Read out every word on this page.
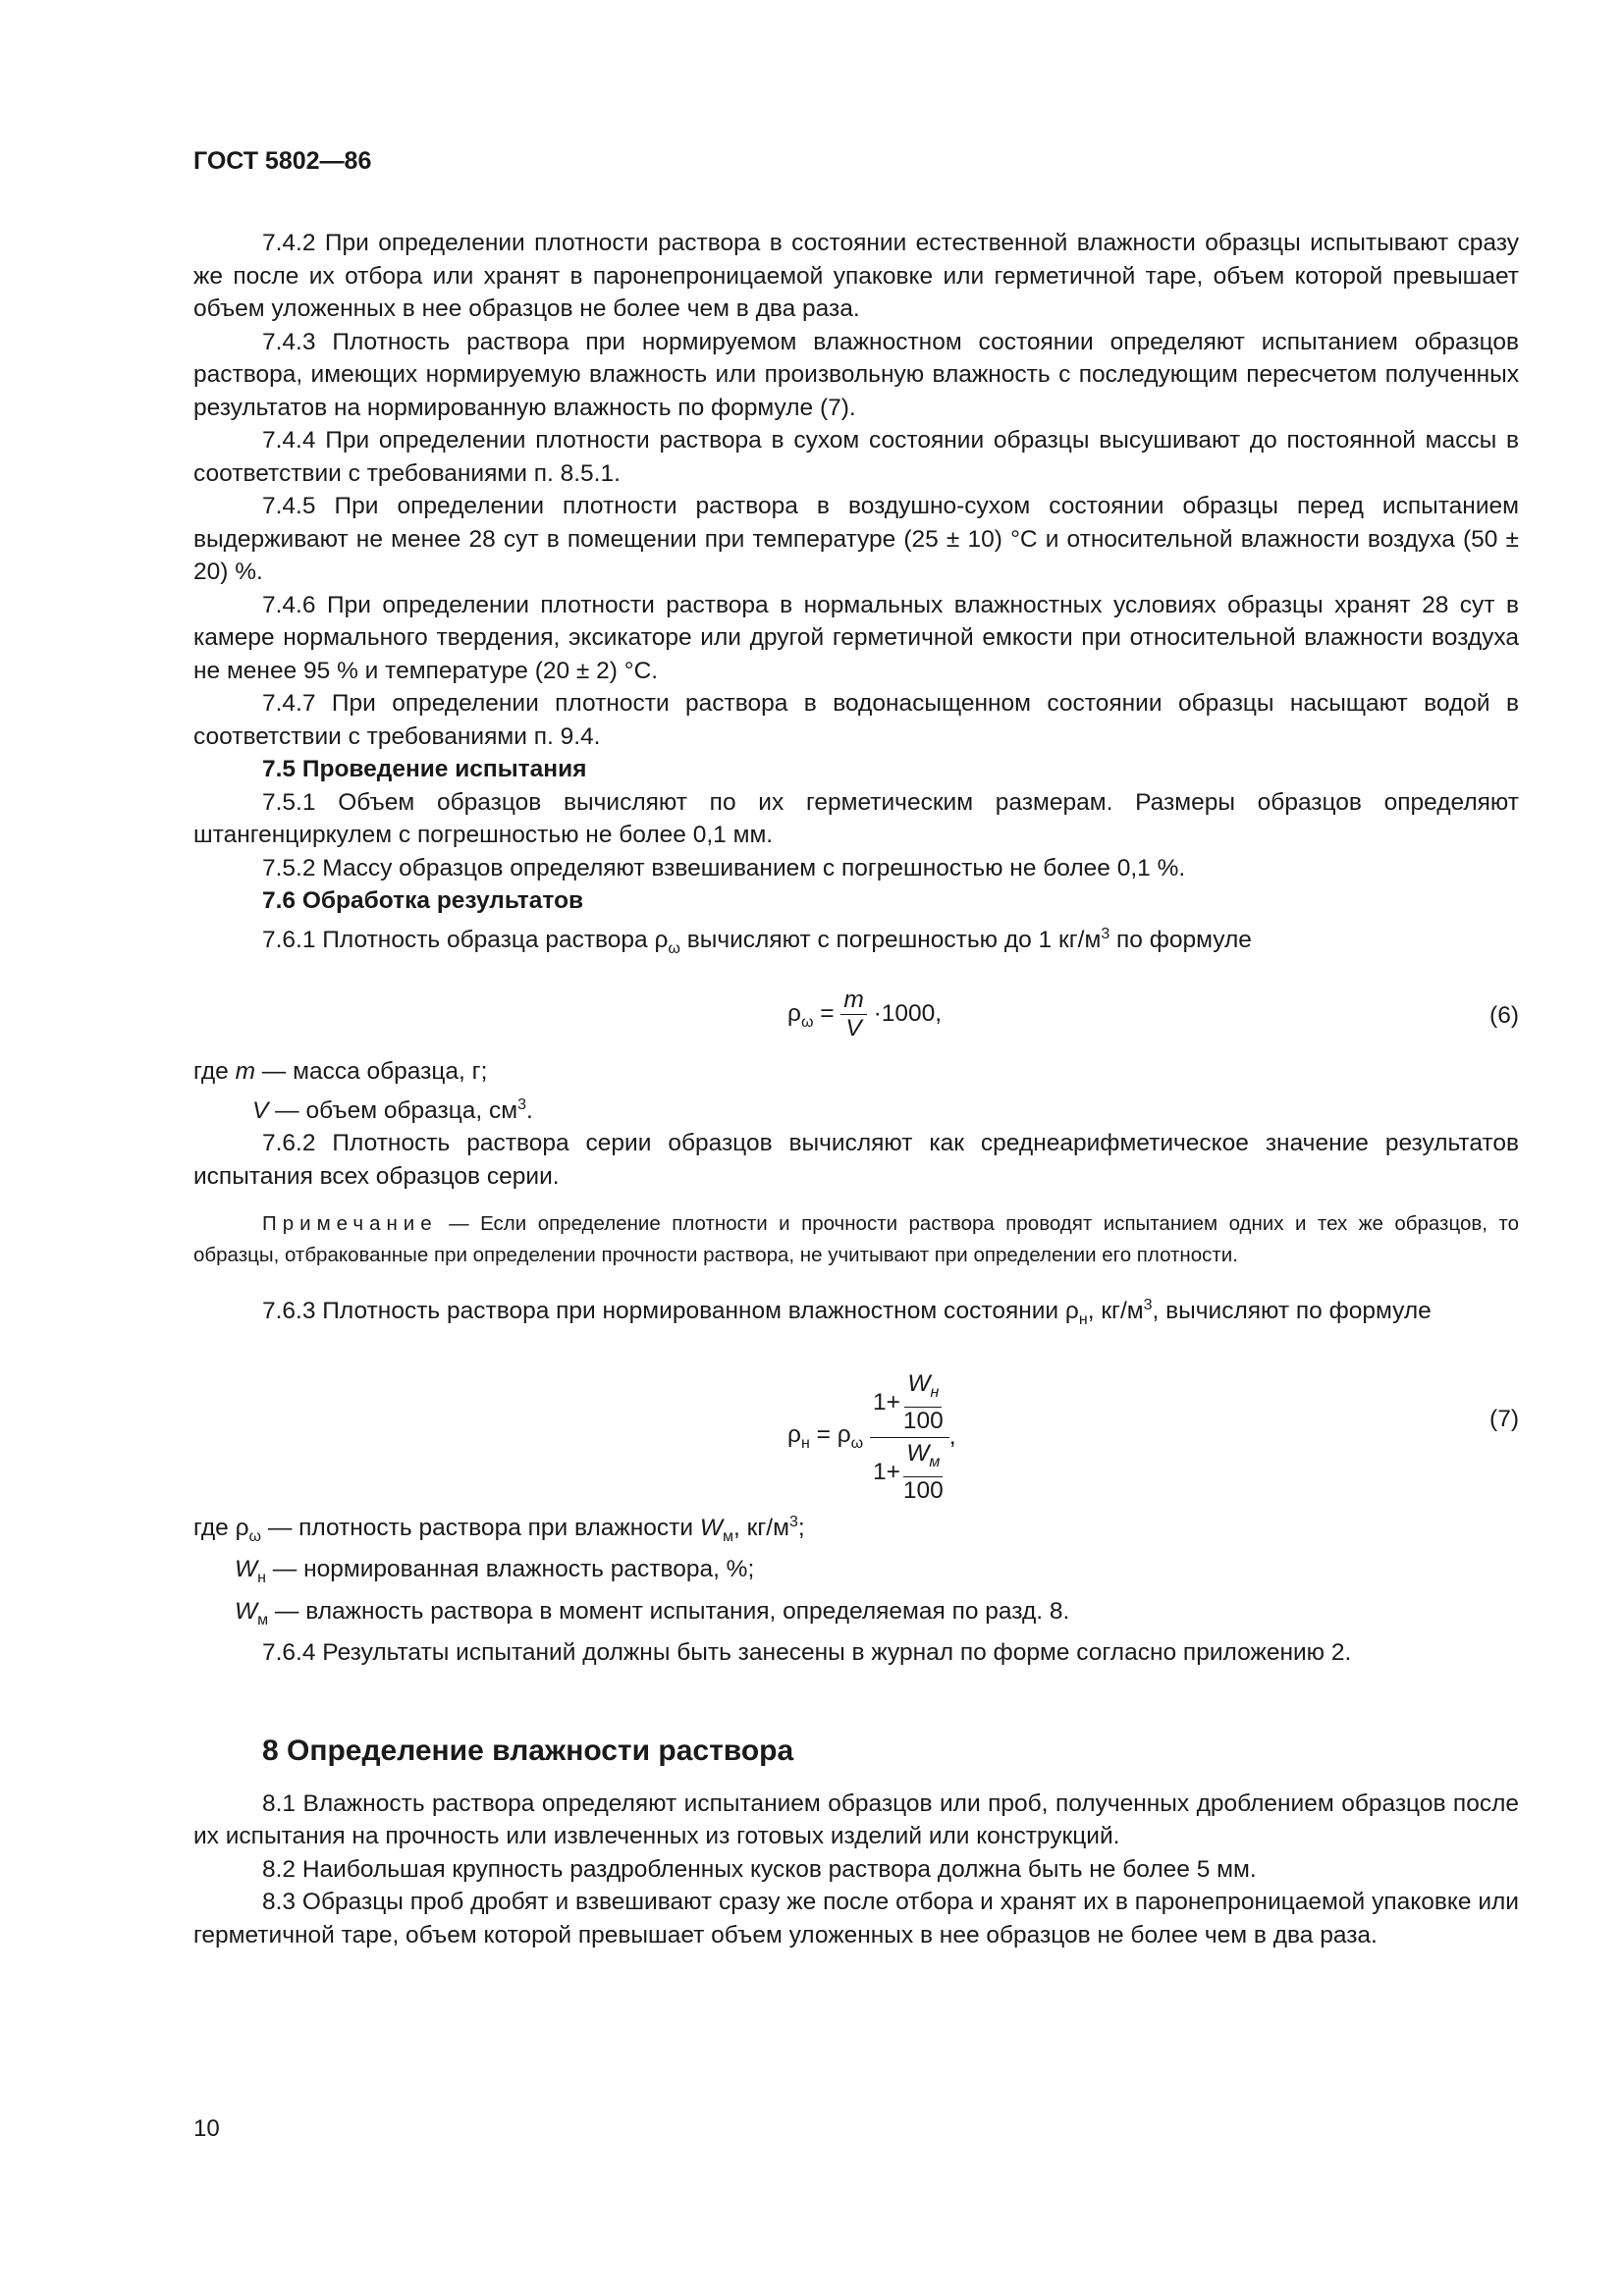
ГОСТ 5802—86

7.4.2 При определении плотности раствора в состоянии естественной влажности образцы испытывают сразу же после их отбора или хранят в паронепроницаемой упаковке или герметичной таре, объем которой превышает объем уложенных в нее образцов не более чем в два раза.

7.4.3 Плотность раствора при нормируемом влажностном состоянии определяют испытанием образцов раствора, имеющих нормируемую влажность или произвольную влажность с последующим пересчетом полученных результатов на нормированную влажность по формуле (7).

7.4.4 При определении плотности раствора в сухом состоянии образцы высушивают до постоянной массы в соответствии с требованиями п. 8.5.1.

7.4.5 При определении плотности раствора в воздушно-сухом состоянии образцы перед испытанием выдерживают не менее 28 сут в помещении при температуре (25 ± 10) °С и относительной влажности воздуха (50 ± 20) %.

7.4.6 При определении плотности раствора в нормальных влажностных условиях образцы хранят 28 сут в камере нормального твердения, эксикаторе или другой герметичной емкости при относительной влажности воздуха не менее 95 % и температуре (20 ± 2) °С.

7.4.7 При определении плотности раствора в водонасыщенном состоянии образцы насыщают водой в соответствии с требованиями п. 9.4.

7.5 Проведение испытания

7.5.1 Объем образцов вычисляют по их герметическим размерам. Размеры образцов определяют штангенциркулем с погрешностью не более 0,1 мм.

7.5.2 Массу образцов определяют взвешиванием с погрешностью не более 0,1 %.

7.6 Обработка результатов

7.6.1 Плотность образца раствора $\rho_\omega$ вычисляют с погрешностью до 1 $кг/м^3$ по формуле

$\rho_\omega = \frac{m}{V} \cdot 1000$,	(6)

где m — масса образца, г;

V — объем образца, $см^3$.

7.6.2 Плотность раствора серии образцов вычисляют как среднеарифметическое значение результатов испытания всех образцов серии.

Примечание — Если определение плотности и прочности раствора проводят испытанием одних и тех же образцов, то образцы, отбракованные при определении прочности раствора, не учитывают при определении его плотности.

7.6.3 Плотность раствора при нормированном влажностном состоянии $\rho_н$, $кг/м^3$, вычисляют по формуле

$\rho_н = \rho_\omega \frac{1+ \frac{W_н}{100}}{1+ \frac{W_м}{100}}$ ,
(7)

где $\rho_\omega$ — плотность раствора при влажности $W_м$, $кг/м^3$;

$W_н$ — нормированная влажность раствора, %;

$W_м$ — влажность раствора в момент испытания, определяемая по разд. 8.

7.6.4 Результаты испытаний должны быть занесены в журнал по форме согласно приложению 2.

8 Определение влажности раствора

8.1 Влажность раствора определяют испытанием образцов или проб, полученных дроблением образцов после их испытания на прочность или извлеченных из готовых изделий или конструкций.

8.2 Наибольшая крупность раздробленных кусков раствора должна быть не более 5 мм.

8.3 Образцы проб дробят и взвешивают сразу же после отбора и хранят их в паронепроницаемой упаковке или герметичной таре, объем которой превышает объем уложенных в нее образцов не более чем в два раза.

10
